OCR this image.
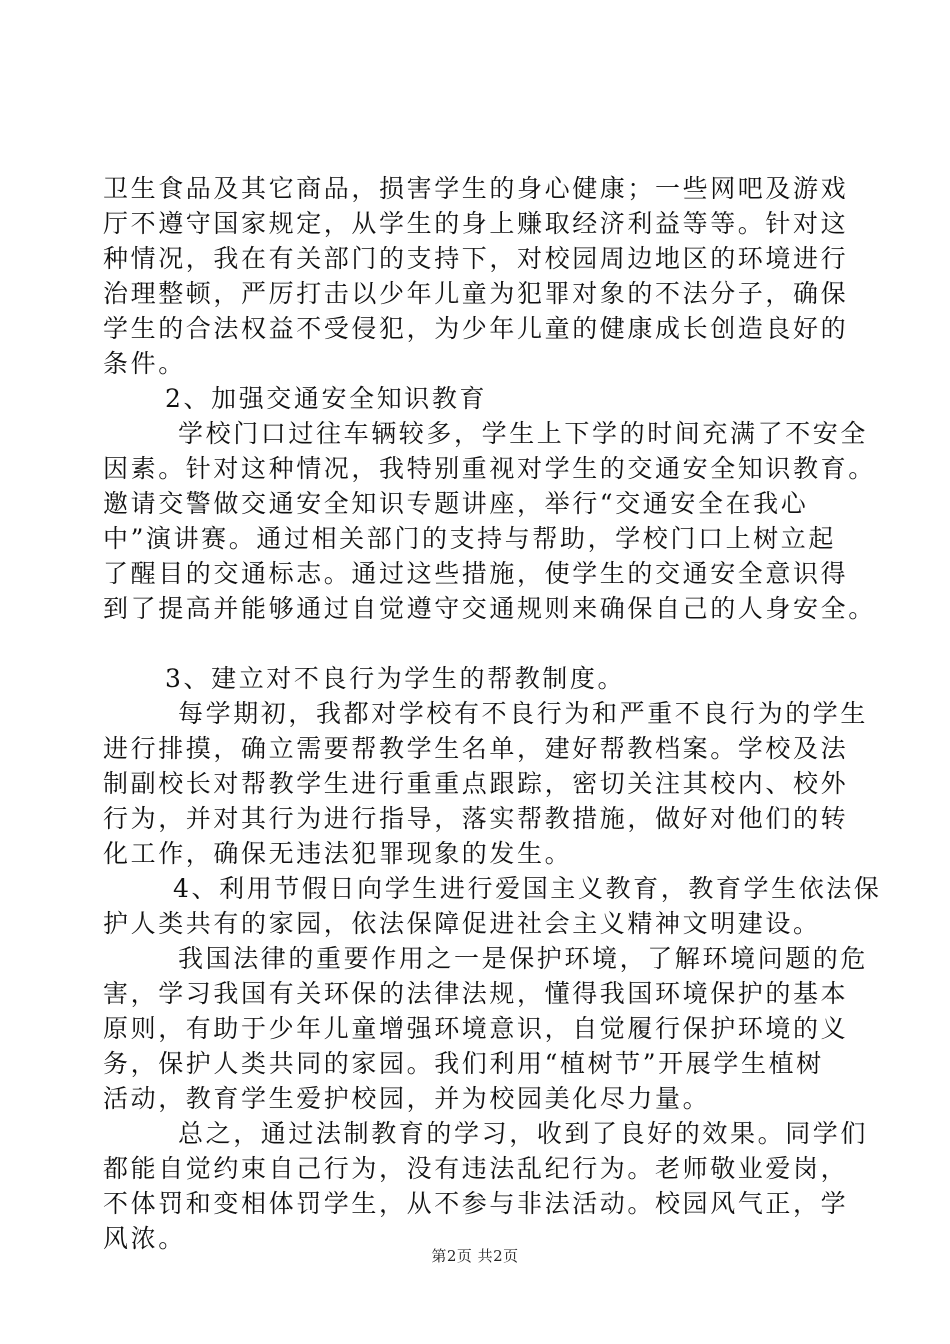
卫生食品及其它商品，损害学生的身心健康；一些网吧及游戏
厅不遵守国家规定，从学生的身上赚取经济利益等等。针对这
种情况，我在有关部门的支持下，对校园周边地区的环境进行
治理整顿，严厉打击以少年儿童为犯罪对象的不法分子，确保
学生的合法权益不受侵犯，为少年儿童的健康成长创造良好的
条件。
2、加强交通安全知识教育
学校门口过往车辆较多，学生上下学的时间充满了不安全
因素。针对这种情况，我特别重视对学生的交通安全知识教育。
邀请交警做交通安全知识专题讲座，举行“交通安全在我心
中”演讲赛。通过相关部门的支持与帮助，学校门口上树立起
了醒目的交通标志。通过这些措施，使学生的交通安全意识得
到了提高并能够通过自觉遵守交通规则来确保自己的人身安全。
3、建立对不良行为学生的帮教制度。
每学期初，我都对学校有不良行为和严重不良行为的学生
进行排摸，确立需要帮教学生名单，建好帮教档案。学校及法
制副校长对帮教学生进行重重点跟踪，密切关注其校内、校外
行为，并对其行为进行指导，落实帮教措施，做好对他们的转
化工作，确保无违法犯罪现象的发生。
4、利用节假日向学生进行爱国主义教育，教育学生依法保
护人类共有的家园，依法保障促进社会主义精神文明建设。
我国法律的重要作用之一是保护环境，了解环境问题的危
害，学习我国有关环保的法律法规，懂得我国环境保护的基本
原则，有助于少年儿童增强环境意识，自觉履行保护环境的义
务，保护人类共同的家园。我们利用“植树节”开展学生植树
活动，教育学生爱护校园，并为校园美化尽力量。
总之，通过法制教育的学习，收到了良好的效果。同学们
都能自觉约束自己行为，没有违法乱纪行为。老师敬业爱岗，
不体罚和变相体罚学生，从不参与非法活动。校园风气正，学
风浓。
第2页 共2页
